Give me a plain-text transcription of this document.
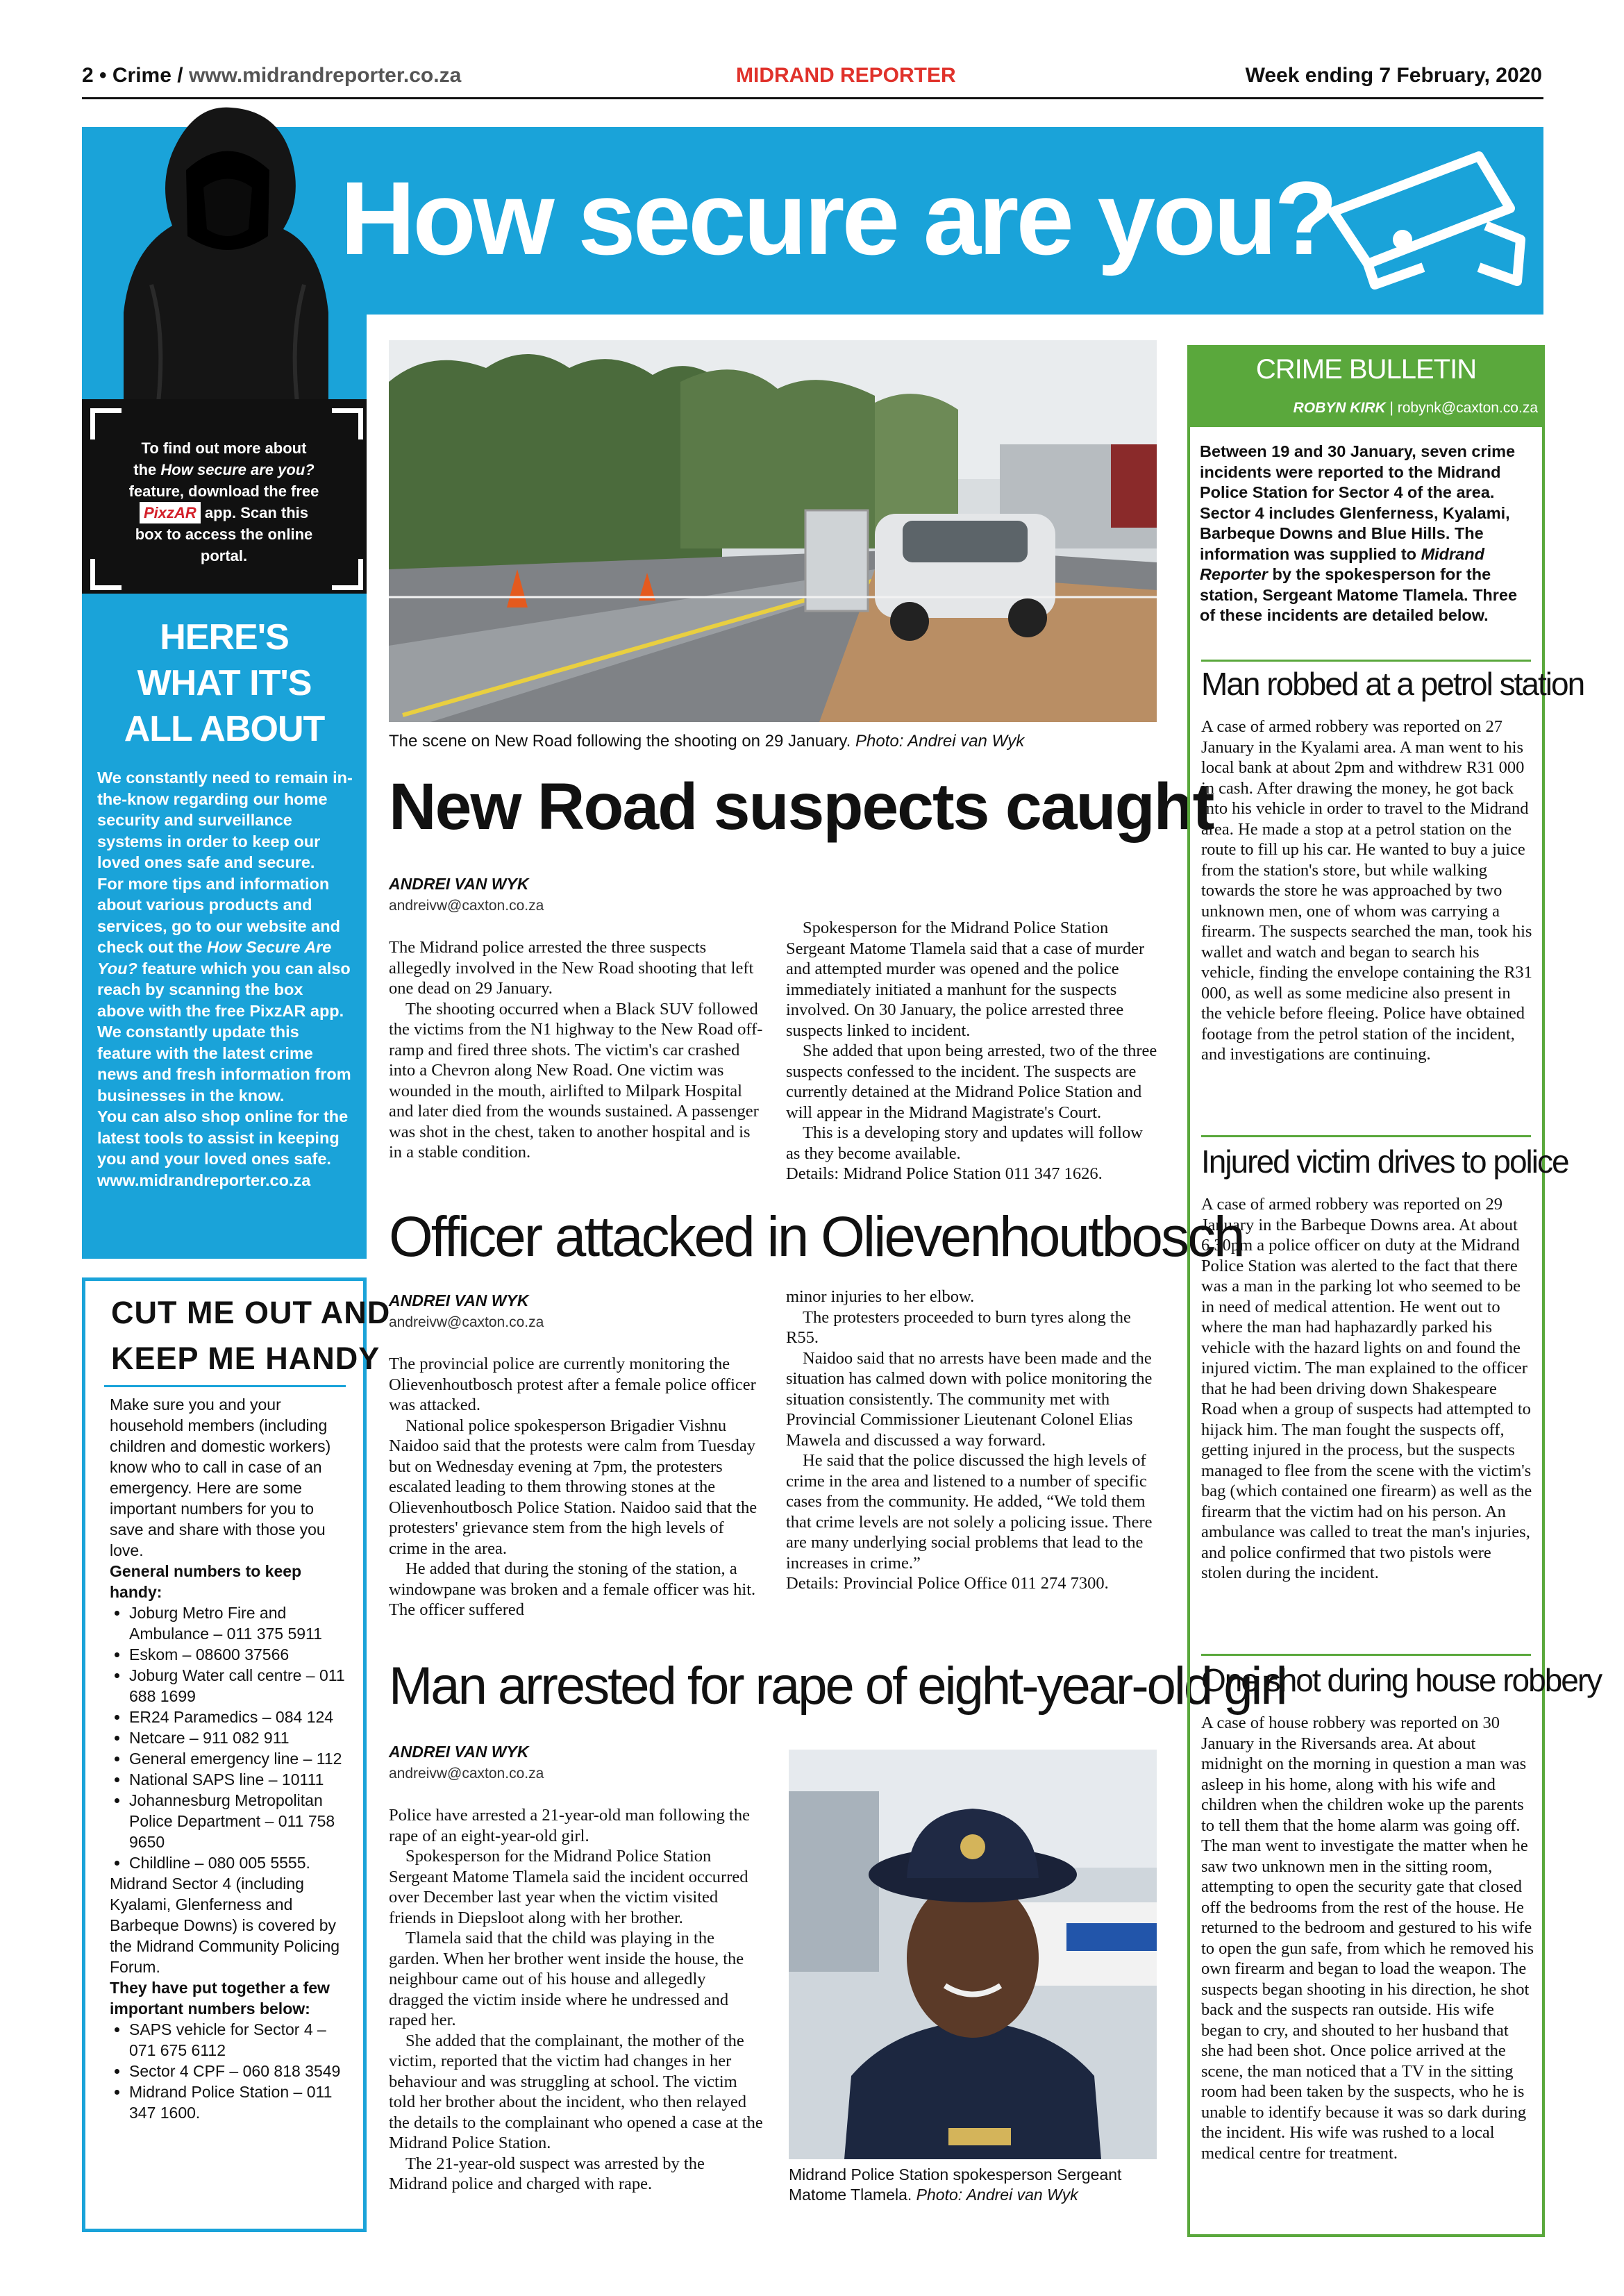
2 • Crime / www.midrandreporter.co.za	MIDRAND REPORTER	Week ending 7 February, 2020
How secure are you?
To find out more about
the How secure are you?
feature, download the free
PixzAR app. Scan this
box to access the online
portal.
HERE'S
WHAT IT'S
ALL ABOUT
We constantly need to remain in-the-know regarding our home security and surveillance systems in order to keep our loved ones safe and secure.
For more tips and information about various products and services, go to our website and check out the How Secure Are You? feature which you can also reach by scanning the box above with the free PixzAR app.
We constantly update this feature with the latest crime news and fresh information from businesses in the know.
You can also shop online for the latest tools to assist in keeping you and your loved ones safe.
www.midrandreporter.co.za
CUT ME OUT AND
KEEP ME HANDY
Make sure you and your household members (including children and domestic workers) know who to call in case of an emergency. Here are some important numbers for you to save and share with those you love.
General numbers to keep handy:
• Joburg Metro Fire and Ambulance – 011 375 5911
• Eskom – 08600 37566
• Joburg Water call centre – 011 688 1699
• ER24 Paramedics – 084 124
• Netcare – 911 082 911
• General emergency line – 112
• National SAPS line – 10111
• Johannesburg Metropolitan Police Department – 011 758 9650
• Childline – 080 005 5555.
Midrand Sector 4 (including Kyalami, Glenferness and Barbeque Downs) is covered by the Midrand Community Policing Forum.
They have put together a few important numbers below:
• SAPS vehicle for Sector 4 – 071 675 6112
• Sector 4 CPF – 060 818 3549
• Midrand Police Station – 011 347 1600.
The scene on New Road following the shooting on 29 January. Photo: Andrei van Wyk
New Road suspects caught
ANDREI VAN WYK
andreivw@caxton.co.za

The Midrand police arrested the three suspects allegedly involved in the New Road shooting that left one dead on 29 January.

The shooting occurred when a Black SUV followed the victims from the N1 highway to the New Road off-ramp and fired three shots. The victim's car crashed into a Chevron along New Road. One victim was wounded in the mouth, airlifted to Milpark Hospital and later died from the wounds sustained. A passenger was shot in the chest, taken to another hospital and is in a stable condition.

Spokesperson for the Midrand Police Station Sergeant Matome Tlamela said that a case of murder and attempted murder was opened and the police immediately initiated a manhunt for the suspects involved. On 30 January, the police arrested three suspects linked to incident.

She added that upon being arrested, two of the three suspects confessed to the incident. The suspects are currently detained at the Midrand Police Station and will appear in the Midrand Magistrate's Court.

This is a developing story and updates will follow as they become available.

Details: Midrand Police Station 011 347 1626.

Officer attacked in Olievenhoutbosch
ANDREI VAN WYK
andreivw@caxton.co.za

The provincial police are currently monitoring the Olievenhoutbosch protest after a female police officer was attacked.

National police spokesperson Brigadier Vishnu Naidoo said that the protests were calm from Tuesday but on Wednesday evening at 7pm, the protesters escalated leading to them throwing stones at the Olievenhoutbosch Police Station. Naidoo said that the protesters' grievance stem from the high levels of crime in the area.

He added that during the stoning of the station, a windowpane was broken and a female officer was hit. The officer suffered

minor injuries to her elbow.

The protesters proceeded to burn tyres along the R55.

Naidoo said that no arrests have been made and the situation has calmed down with police monitoring the situation consistently. The community met with Provincial Commissioner Lieutenant Colonel Elias Mawela and discussed a way forward.

He said that the police discussed the high levels of crime in the area and listened to a number of specific cases from the community. He added, “We told them that crime levels are not solely a policing issue. There are many underlying social problems that lead to the increases in crime.”

Details: Provincial Police Office 011 274 7300.

Man arrested for rape of eight-year-old girl
ANDREI VAN WYK
andreivw@caxton.co.za

Police have arrested a 21-year-old man following the rape of an eight-year-old girl.

Spokesperson for the Midrand Police Station Sergeant Matome Tlamela said the incident occurred over December last year when the victim visited friends in Diepsloot along with her brother.

Tlamela said that the child was playing in the garden. When her brother went inside the house, the neighbour came out of his house and allegedly dragged the victim inside where he undressed and raped her.

She added that the complainant, the mother of the victim, reported that the victim had changes in her behaviour and was struggling at school. The victim told her brother about the incident, who then relayed the details to the complainant who opened a case at the Midrand Police Station.

The 21-year-old suspect was arrested by the Midrand police and charged with rape.	Midrand Police Station spokesperson Sergeant Matome Tlamela. Photo: Andrei van Wyk
CRIME BULLETIN
ROBYN KIRK | robynk@caxton.co.za
Between 19 and 30 January, seven crime incidents were reported to the Midrand Police Station for Sector 4 of the area. Sector 4 includes Glenferness, Kyalami, Barbeque Downs and Blue Hills. The information was supplied to Midrand Reporter by the spokesperson for the station, Sergeant Matome Tlamela. Three of these incidents are detailed below.
Man robbed at a petrol station
A case of armed robbery was reported on 27 January in the Kyalami area. A man went to his local bank at about 2pm and withdrew R31 000 in cash. After drawing the money, he got back into his vehicle in order to travel to the Midrand area. He made a stop at a petrol station on the route to fill up his car. He wanted to buy a juice from the station's store, but while walking towards the store he was approached by two unknown men, one of whom was carrying a firearm. The suspects searched the man, took his wallet and watch and began to search his vehicle, finding the envelope containing the R31 000, as well as some medicine also present in the vehicle before fleeing. Police have obtained footage from the petrol station of the incident, and investigations are continuing.
Injured victim drives to police
A case of armed robbery was reported on 29 January in the Barbeque Downs area. At about 6.30pm a police officer on duty at the Midrand Police Station was alerted to the fact that there was a man in the parking lot who seemed to be in need of medical attention. He went out to where the man had haphazardly parked his vehicle with the hazard lights on and found the injured victim. The man explained to the officer that he had been driving down Shakespeare Road when a group of suspects had attempted to hijack him. The man fought the suspects off, getting injured in the process, but the suspects managed to flee from the scene with the victim's bag (which contained one firearm) as well as the firearm that the victim had on his person. An ambulance was called to treat the man's injuries, and police confirmed that two pistols were stolen during the incident.
One shot during house robbery
A case of house robbery was reported on 30 January in the Riversands area. At about midnight on the morning in question a man was asleep in his home, along with his wife and children when the children woke up the parents to tell them that the home alarm was going off. The man went to investigate the matter when he saw two unknown men in the sitting room, attempting to open the security gate that closed off the bedrooms from the rest of the house. He returned to the bedroom and gestured to his wife to open the gun safe, from which he removed his own firearm and began to load the weapon. The suspects began shooting in his direction, he shot back and the suspects ran outside. His wife began to cry, and shouted to her husband that she had been shot. Once police arrived at the scene, the man noticed that a TV in the sitting room had been taken by the suspects, who he is unable to identify because it was so dark during the incident. His wife was rushed to a local medical centre for treatment.
